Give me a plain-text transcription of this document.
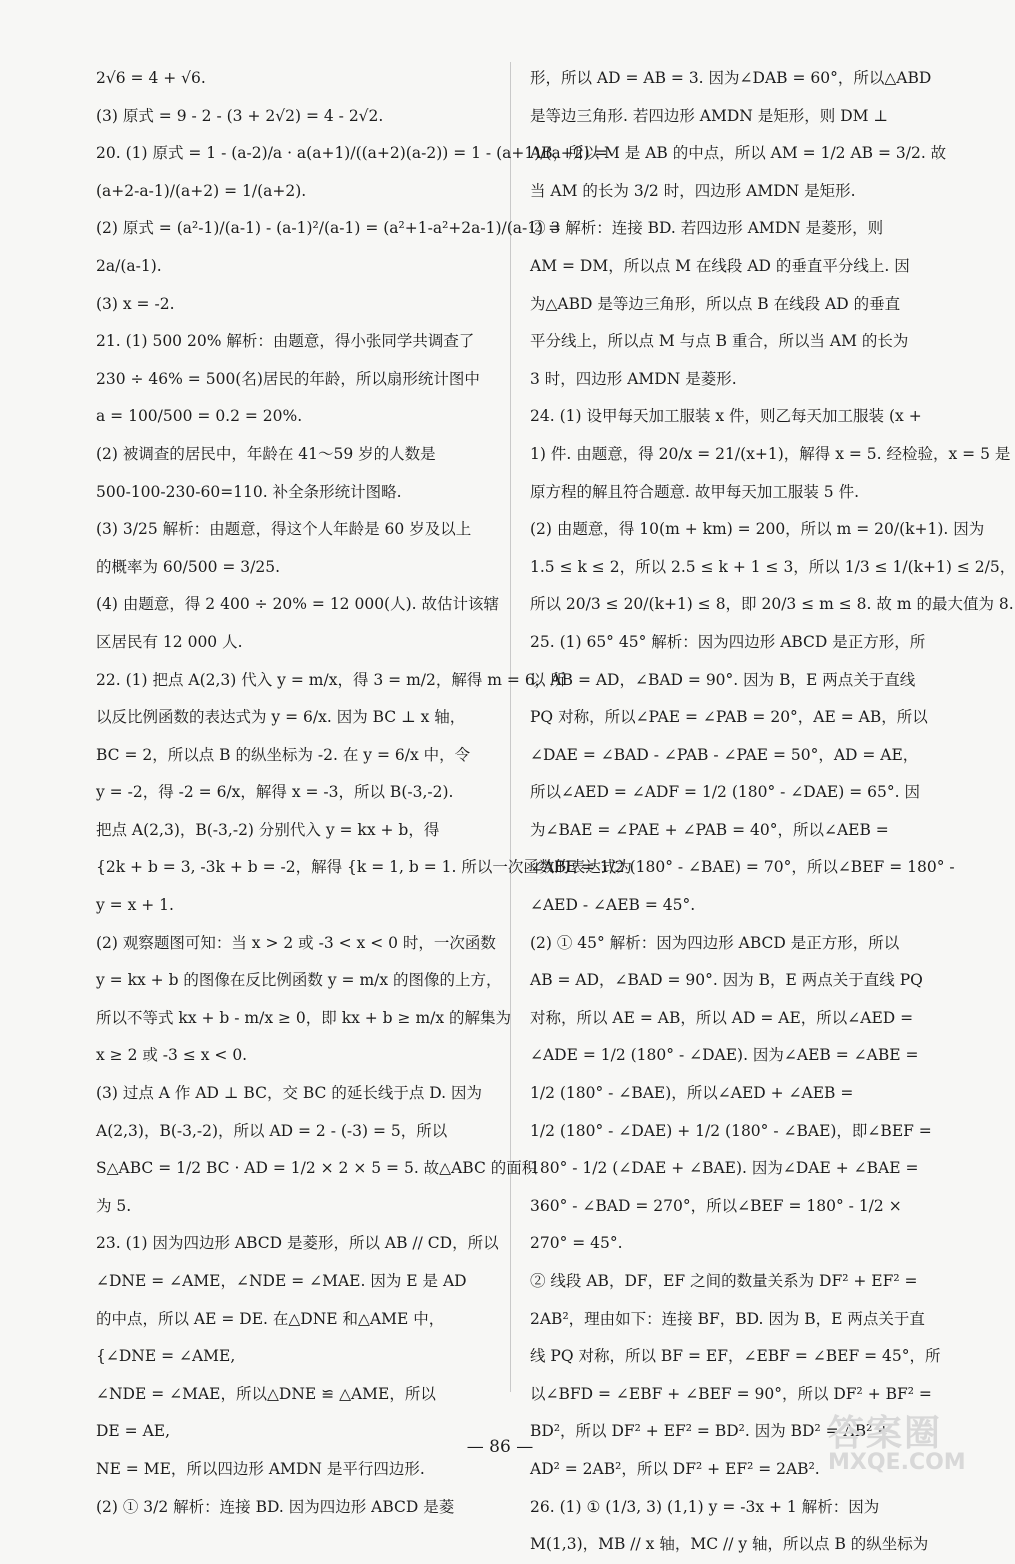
2√6 = 4 + √6.
(3) 原式 = 9 - 2 - (3 + 2√2) = 4 - 2√2.
20. (1) 原式 = 1 - (a-2)/a · a(a+1)/((a+2)(a-2)) = 1 - (a+1)/(a+2) =
(a+2-a-1)/(a+2) = 1/(a+2).
(2) 原式 = (a²-1)/(a-1) - (a-1)²/(a-1) = (a²+1-a²+2a-1)/(a-1) =
2a/(a-1).
(3) x = -2.
21. (1) 500 20% 解析：由题意，得小张同学共调查了
230 ÷ 46% = 500(名)居民的年龄，所以扇形统计图中
a = 100/500 = 0.2 = 20%.
(2) 被调查的居民中，年龄在 41～59 岁的人数是
500-100-230-60=110. 补全条形统计图略.
(3) 3/25 解析：由题意，得这个人年龄是 60 岁及以上
的概率为 60/500 = 3/25.
(4) 由题意，得 2 400 ÷ 20% = 12 000(人). 故估计该辖
区居民有 12 000 人.
22. (1) 把点 A(2,3) 代入 y = m/x，得 3 = m/2，解得 m = 6，所
以反比例函数的表达式为 y = 6/x. 因为 BC ⊥ x 轴，
BC = 2，所以点 B 的纵坐标为 -2. 在 y = 6/x 中，令
y = -2，得 -2 = 6/x，解得 x = -3，所以 B(-3,-2).
把点 A(2,3)，B(-3,-2) 分别代入 y = kx + b，得
{2k + b = 3, -3k + b = -2，解得 {k = 1, b = 1. 所以一次函数的表达式为
y = x + 1.
(2) 观察题图可知：当 x > 2 或 -3 < x < 0 时，一次函数
y = kx + b 的图像在反比例函数 y = m/x 的图像的上方，
所以不等式 kx + b - m/x ≥ 0，即 kx + b ≥ m/x 的解集为
x ≥ 2 或 -3 ≤ x < 0.
(3) 过点 A 作 AD ⊥ BC，交 BC 的延长线于点 D. 因为
A(2,3)，B(-3,-2)，所以 AD = 2 - (-3) = 5，所以
S△ABC = 1/2 BC · AD = 1/2 × 2 × 5 = 5. 故△ABC 的面积
为 5.
23. (1) 因为四边形 ABCD 是菱形，所以 AB // CD，所以
∠DNE = ∠AME，∠NDE = ∠MAE. 因为 E 是 AD
的中点，所以 AE = DE. 在△DNE 和△AME 中，
{∠DNE = ∠AME,
∠NDE = ∠MAE，所以△DNE ≌ △AME，所以
DE = AE,
NE = ME，所以四边形 AMDN 是平行四边形.
(2) ① 3/2 解析：连接 BD. 因为四边形 ABCD 是菱
形，所以 AD = AB = 3. 因为∠DAB = 60°，所以△ABD
是等边三角形. 若四边形 AMDN 是矩形，则 DM ⊥
AB，所以 M 是 AB 的中点，所以 AM = 1/2 AB = 3/2. 故
当 AM 的长为 3/2 时，四边形 AMDN 是矩形.
② 3 解析：连接 BD. 若四边形 AMDN 是菱形，则
AM = DM，所以点 M 在线段 AD 的垂直平分线上. 因
为△ABD 是等边三角形，所以点 B 在线段 AD 的垂直
平分线上，所以点 M 与点 B 重合，所以当 AM 的长为
3 时，四边形 AMDN 是菱形.
24. (1) 设甲每天加工服装 x 件，则乙每天加工服装 (x +
1) 件. 由题意，得 20/x = 21/(x+1)，解得 x = 5. 经检验，x = 5 是
原方程的解且符合题意. 故甲每天加工服装 5 件.
(2) 由题意，得 10(m + km) = 200，所以 m = 20/(k+1). 因为
1.5 ≤ k ≤ 2，所以 2.5 ≤ k + 1 ≤ 3，所以 1/3 ≤ 1/(k+1) ≤ 2/5，
所以 20/3 ≤ 20/(k+1) ≤ 8，即 20/3 ≤ m ≤ 8. 故 m 的最大值为 8.
25. (1) 65° 45° 解析：因为四边形 ABCD 是正方形，所
以 AB = AD，∠BAD = 90°. 因为 B，E 两点关于直线
PQ 对称，所以∠PAE = ∠PAB = 20°，AE = AB，所以
∠DAE = ∠BAD - ∠PAB - ∠PAE = 50°，AD = AE，
所以∠AED = ∠ADF = 1/2 (180° - ∠DAE) = 65°. 因
为∠BAE = ∠PAE + ∠PAB = 40°，所以∠AEB =
∠ABE = 1/2 (180° - ∠BAE) = 70°，所以∠BEF = 180° -
∠AED - ∠AEB = 45°.
(2) ① 45° 解析：因为四边形 ABCD 是正方形，所以
AB = AD，∠BAD = 90°. 因为 B，E 两点关于直线 PQ
对称，所以 AE = AB，所以 AD = AE，所以∠AED =
∠ADE = 1/2 (180° - ∠DAE). 因为∠AEB = ∠ABE =
1/2 (180° - ∠BAE)，所以∠AED + ∠AEB =
1/2 (180° - ∠DAE) + 1/2 (180° - ∠BAE)，即∠BEF =
180° - 1/2 (∠DAE + ∠BAE). 因为∠DAE + ∠BAE =
360° - ∠BAD = 270°，所以∠BEF = 180° - 1/2 ×
270° = 45°.
② 线段 AB，DF，EF 之间的数量关系为 DF² + EF² =
2AB²，理由如下：连接 BF，BD. 因为 B，E 两点关于直
线 PQ 对称，所以 BF = EF，∠EBF = ∠BEF = 45°，所
以∠BFD = ∠EBF + ∠BEF = 90°，所以 DF² + BF² =
BD²，所以 DF² + EF² = BD². 因为 BD² = AB² +
AD² = 2AB²，所以 DF² + EF² = 2AB².
26. (1) ① (1/3, 3) (1,1) y = -3x + 1 解析：因为
M(1,3)，MB // x 轴，MC // y 轴，所以点 B 的纵坐标为
— 86 —	答案圈
MXQE.COM
